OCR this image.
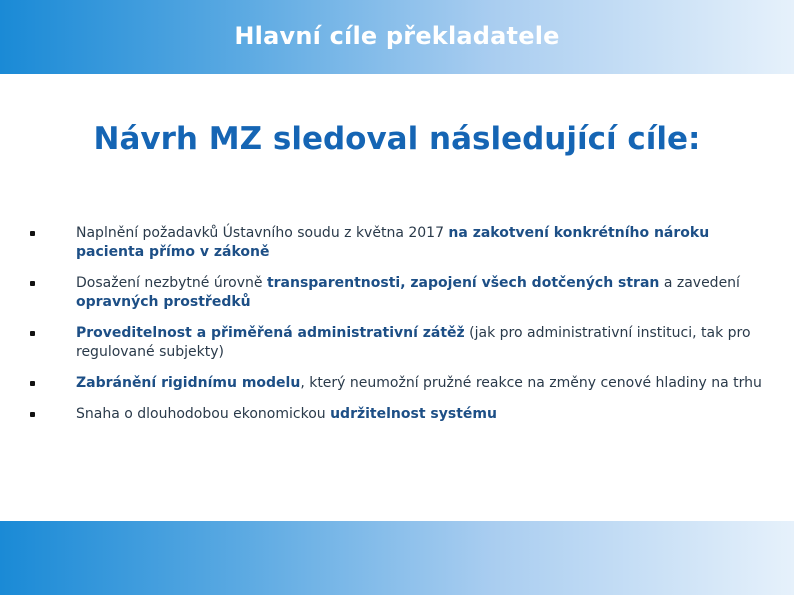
Hlavní cíle překladatele
Návrh MZ sledoval následující cíle:
Naplnění požadavků Ústavního soudu z května 2017 na zakotvení konkrétního nároku pacienta přímo v zákoně
Dosažení nezbytné úrovně transparentnosti, zapojení všech dotčených stran a zavedení opravných prostředků
Proveditelnost a přiměřená administrativní zátěž (jak pro administrativní instituci, tak pro regulované subjekty)
Zabránění rigidnímu modelu, který neumožní pružné reakce na změny cenové hladiny na trhu
Snaha o dlouhodobou ekonomickou udržitelnost systému
